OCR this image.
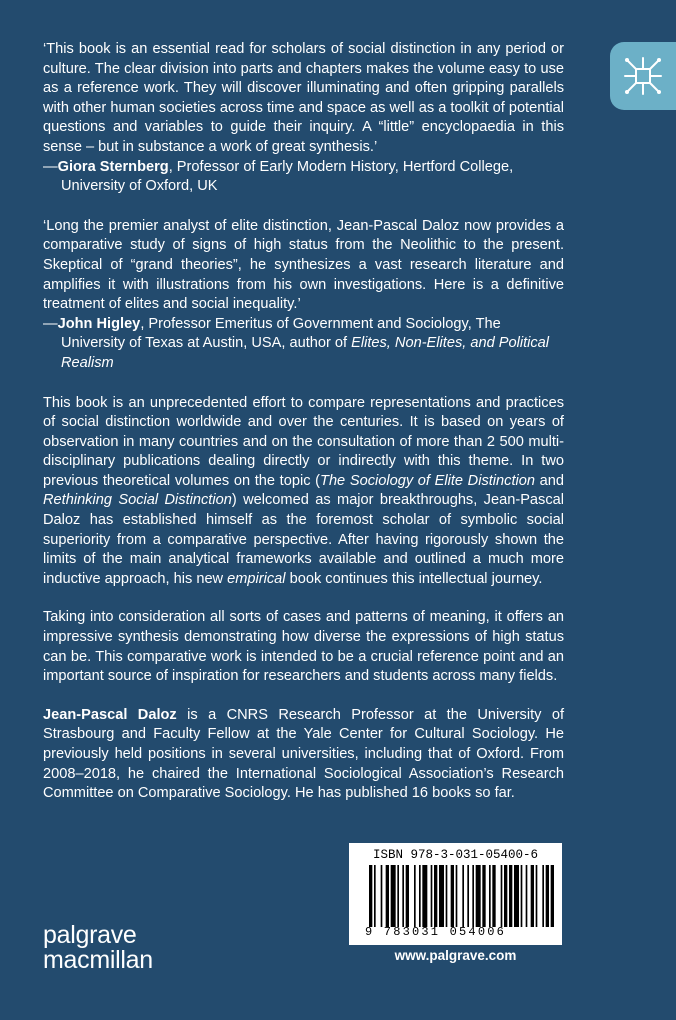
‘This book is an essential read for scholars of social distinction in any period or culture. The clear division into parts and chapters makes the volume easy to use as a reference work. They will discover illuminating and often gripping parallels with other human societies across time and space as well as a toolkit of potential questions and variables to guide their inquiry. A “little” encyclopaedia in this sense – but in substance a work of great synthesis.’

—Giora Sternberg, Professor of Early Modern History, Hertford College,
University of Oxford, UK

‘Long the premier analyst of elite distinction, Jean-Pascal Daloz now provides a comparative study of signs of high status from the Neolithic to the present. Skeptical of “grand theories”, he synthesizes a vast research literature and amplifies it with illustrations from his own investigations. Here is a definitive treatment of elites and social inequality.’

—John Higley, Professor Emeritus of Government and Sociology, The
University of Texas at Austin, USA, author of Elites, Non-Elites, and Political Realism

This book is an unprecedented effort to compare representations and practices of social distinction worldwide and over the centuries. It is based on years of observation in many countries and on the consultation of more than 2 500 multi-disciplinary publications dealing directly or indirectly with this theme. In two previous theoretical volumes on the topic (The Sociology of Elite Distinction and Rethinking Social Distinction) welcomed as major breakthroughs, Jean-Pascal Daloz has established himself as the foremost scholar of symbolic social superiority from a comparative perspective. After having rigorously shown the limits of the main analytical frameworks available and outlined a much more inductive approach, his new empirical book continues this intellectual journey.

Taking into consideration all sorts of cases and patterns of meaning, it offers an impressive synthesis demonstrating how diverse the expressions of high status can be. This comparative work is intended to be a crucial reference point and an important source of inspiration for researchers and students across many fields.

Jean-Pascal Daloz is a CNRS Research Professor at the University of Strasbourg and Faculty Fellow at the Yale Center for Cultural Sociology. He previously held positions in several universities, including that of Oxford. From 2008–2018, he chaired the International Sociological Association’s Research Committee on Comparative Sociology. He has published 16 books so far.

palgrave
macmillan
ISBN 978-3-031-05400-6
9 783031 054006
www.palgrave.com
